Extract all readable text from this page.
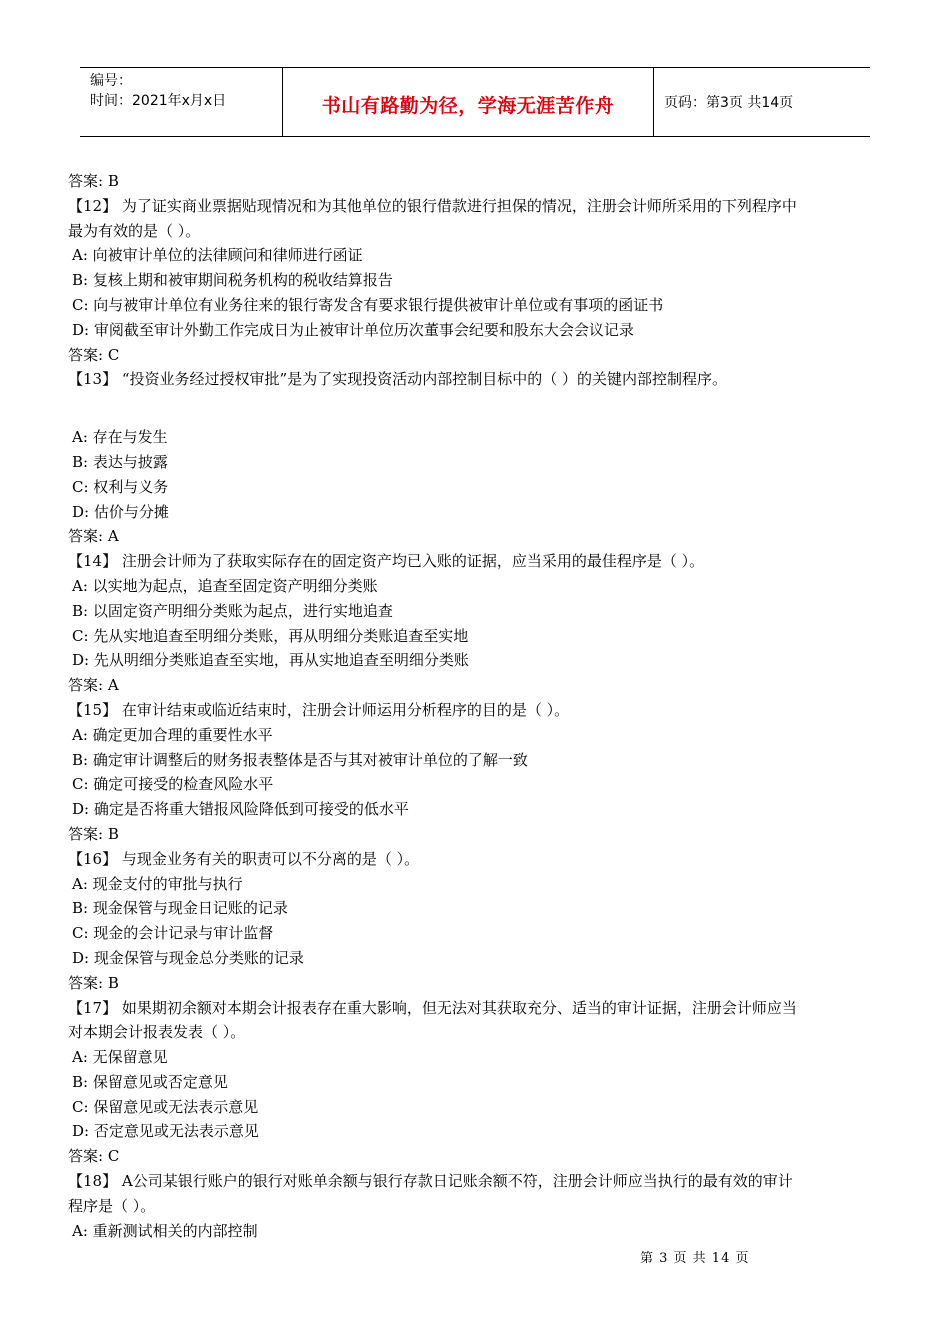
编号：
时间：2021年x月x日	书山有路勤为径，学海无涯苦作舟	页码：第3页 共14页
答案: B
【12】 为了证实商业票据贴现情况和为其他单位的银行借款进行担保的情况，注册会计师所采用的下列程序中
最为有效的是（ ）。
A: 向被审计单位的法律顾问和律师进行函证
B: 复核上期和被审期间税务机构的税收结算报告
C: 向与被审计单位有业务往来的银行寄发含有要求银行提供被审计单位或有事项的函证书
D: 审阅截至审计外勤工作完成日为止被审计单位历次董事会纪要和股东大会会议记录
答案: C
【13】 “投资业务经过授权审批”是为了实现投资活动内部控制目标中的（ ）的关键内部控制程序。
A: 存在与发生
B: 表达与披露
C: 权利与义务
D: 估价与分摊
答案: A
【14】 注册会计师为了获取实际存在的固定资产均已入账的证据，应当采用的最佳程序是（ ）。
A: 以实地为起点，追查至固定资产明细分类账
B: 以固定资产明细分类账为起点，进行实地追查
C: 先从实地追查至明细分类账，再从明细分类账追查至实地
D: 先从明细分类账追查至实地，再从实地追查至明细分类账
答案: A
【15】 在审计结束或临近结束时，注册会计师运用分析程序的目的是（ ）。
A: 确定更加合理的重要性水平
B: 确定审计调整后的财务报表整体是否与其对被审计单位的了解一致
C: 确定可接受的检查风险水平
D: 确定是否将重大错报风险降低到可接受的低水平
答案: B
【16】 与现金业务有关的职责可以不分离的是（ ）。
A: 现金支付的审批与执行
B: 现金保管与现金日记账的记录
C: 现金的会计记录与审计监督
D: 现金保管与现金总分类账的记录
答案: B
【17】 如果期初余额对本期会计报表存在重大影响，但无法对其获取充分、适当的审计证据，注册会计师应当
对本期会计报表发表（ ）。
A: 无保留意见
B: 保留意见或否定意见
C: 保留意见或无法表示意见
D: 否定意见或无法表示意见
答案: C
【18】 A公司某银行账户的银行对账单余额与银行存款日记账余额不符，注册会计师应当执行的最有效的审计
程序是（ ）。
A: 重新测试相关的内部控制
第 3 页 共 14 页
